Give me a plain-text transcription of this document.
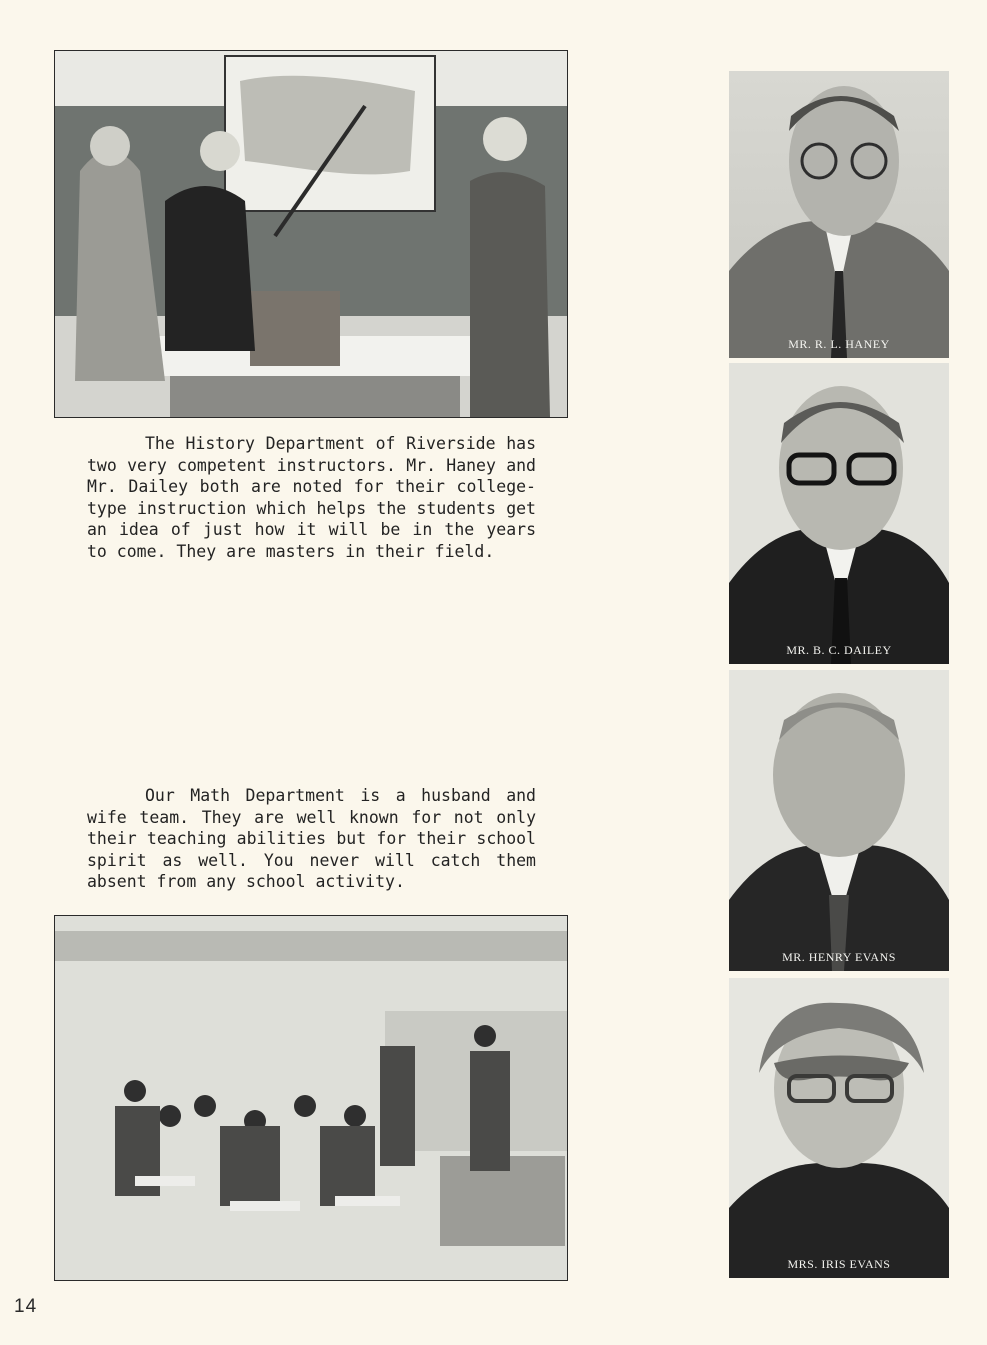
The History Department of Riverside has two very competent instructors. Mr. Haney and Mr. Dailey both are noted for their college-type instruction which helps the students get an idea of just how it will be in the years to come. They are masters in their field.
Our Math Department is a husband and wife team. They are well known for not only their teaching abilities but for their school spirit as well. You never will catch them absent from any school activity.
MR. R. L. HANEY
MR. B. C. DAILEY
MR. HENRY EVANS
MRS. IRIS EVANS
14
